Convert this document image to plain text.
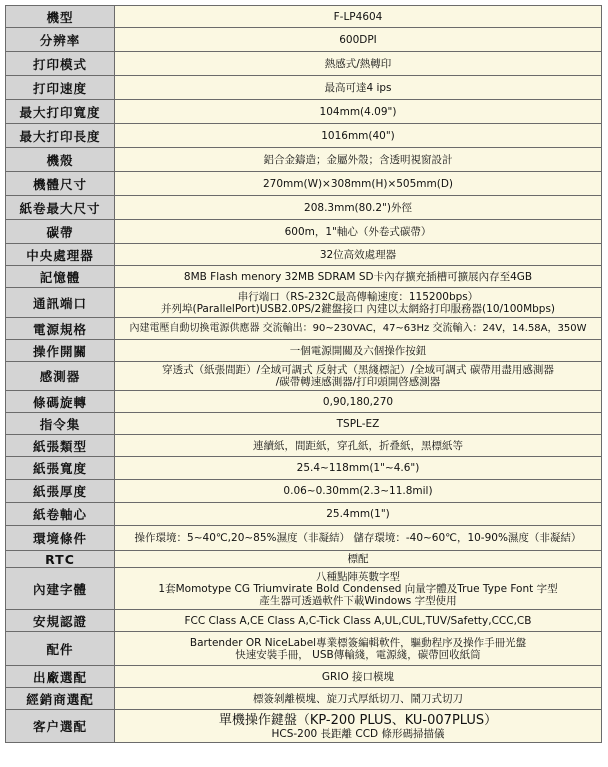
機型	F-LP4604

分辨率	600DPI

打印模式	熱感式/熱轉印

打印速度	最高可達4 ips

最大打印寬度	104mm(4.09")

最大打印長度	1016mm(40")

機殼	鋁合金鑄造；金屬外殼；含透明視窗設計

機體尺寸	270mm(W)×308mm(H)×505mm(D)

紙卷最大尺寸	208.3mm(80.2")外徑

碳帶	600m，1"軸心（外卷式碳帶）

中央處理器	32位高效處理器

記憶體	8MB Flash menory 32MB SDRAM SD卡內存擴充插槽可擴展內存至4GB

通訊端口	串行端口（RS-232C最高傳輸速度：115200bps）
并列埠(ParallelPort)USB2.0PS/2鍵盤接口 內建以太網絡打印服務器(10/100Mbps)

電源規格	內建電壓自動切換電源供應器 交流輸出：90~230VAC，47~63Hz 交流輸入：24V，14.58A，350W

操作開關	一個電源開關及六個操作按鈕

感測器	穿透式（紙張間距）/全域可調式 反射式（黑綫標記）/全域可調式 碳帶用盡用感測器
/碳帶轉速感測器/打印頭開啓感測器

條碼旋轉	0,90,180,270

指令集	TSPL-EZ

紙張類型	連續紙，間距紙，穿孔紙，折叠紙，黑標紙等

紙張寬度	25.4~118mm(1"~4.6")

紙張厚度	0.06~0.30mm(2.3~11.8mil)

紙卷軸心	25.4mm(1")

環境條件	操作環境：5~40℃,20~85%濕度（非凝結） 儲存環境：-40~60℃，10-90%濕度（非凝結）

RTC	標配

內建字體	八種點陣英數字型
1套Momotype CG Triumvirate Bold Condensed 向量字體及True Type Font 字型
產生器可透過軟件下載Windows 字型使用

安規認證	FCC Class A,CE Class A,C-Tick Class A,UL,CUL,TUV/Safetty,CCC,CB

配件	Bartender OR NiceLabel專業標簽編輯軟件，驅動程序及操作手冊光盤
快速安裝手冊， USB傳輸綫，電源綫，碳帶回收紙筒

出廠選配	GRIO 接口模塊

經銷商選配	標簽剝離模塊、旋刀式厚紙切刀、鬧刀式切刀

客户選配	單機操作鍵盤（KP-200 PLUS、KU-007PLUS）
HCS-200 長距離 CCD 條形碼掃描儀
